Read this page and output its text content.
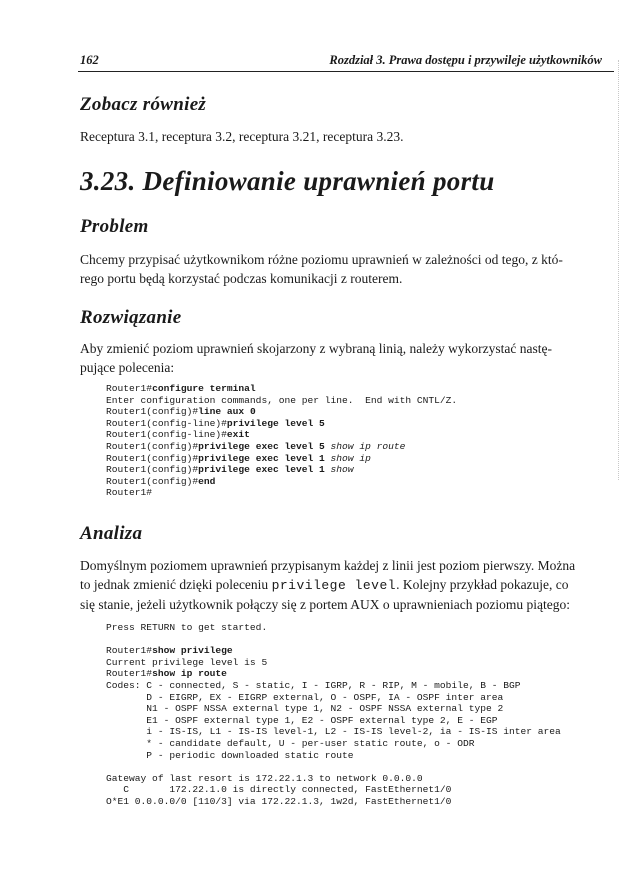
162	Rozdział 3. Prawa dostępu i przywileje użytkowników
Zobacz również
Receptura 3.1, receptura 3.2, receptura 3.21, receptura 3.23.
3.23. Definiowanie uprawnień portu
Problem
Chcemy przypisać użytkownikom różne poziomu uprawnień w zależności od tego, z któ-
rego portu będą korzystać podczas komunikacji z routerem.
Rozwiązanie
Aby zmienić poziom uprawnień skojarzony z wybraną linią, należy wykorzystać nastę-
pujące polecenia:
Router1#configure terminal
Enter configuration commands, one per line.  End with CNTL/Z.
Router1(config)#line aux 0
Router1(config-line)#privilege level 5
Router1(config-line)#exit
Router1(config)#privilege exec level 5 show ip route
Router1(config)#privilege exec level 1 show ip
Router1(config)#privilege exec level 1 show
Router1(config)#end
Router1#
Analiza
Domyślnym poziomem uprawnień przypisanym każdej z linii jest poziom pierwszy. Można
to jednak zmienić dzięki poleceniu privilege level. Kolejny przykład pokazuje, co
się stanie, jeżeli użytkownik połączy się z portem AUX o uprawnieniach poziomu piątego:
Press RETURN to get started.

Router1#show privilege
Current privilege level is 5
Router1#show ip route
Codes: C - connected, S - static, I - IGRP, R - RIP, M - mobile, B - BGP
D - EIGRP, EX - EIGRP external, O - OSPF, IA - OSPF inter area
N1 - OSPF NSSA external type 1, N2 - OSPF NSSA external type 2
E1 - OSPF external type 1, E2 - OSPF external type 2, E - EGP
i - IS-IS, L1 - IS-IS level-1, L2 - IS-IS level-2, ia - IS-IS inter area
* - candidate default, U - per-user static route, o - ODR
P - periodic downloaded static route

Gateway of last resort is 172.22.1.3 to network 0.0.0.0
C       172.22.1.0 is directly connected, FastEthernet1/0
O*E1 0.0.0.0/0 [110/3] via 172.22.1.3, 1w2d, FastEthernet1/0
